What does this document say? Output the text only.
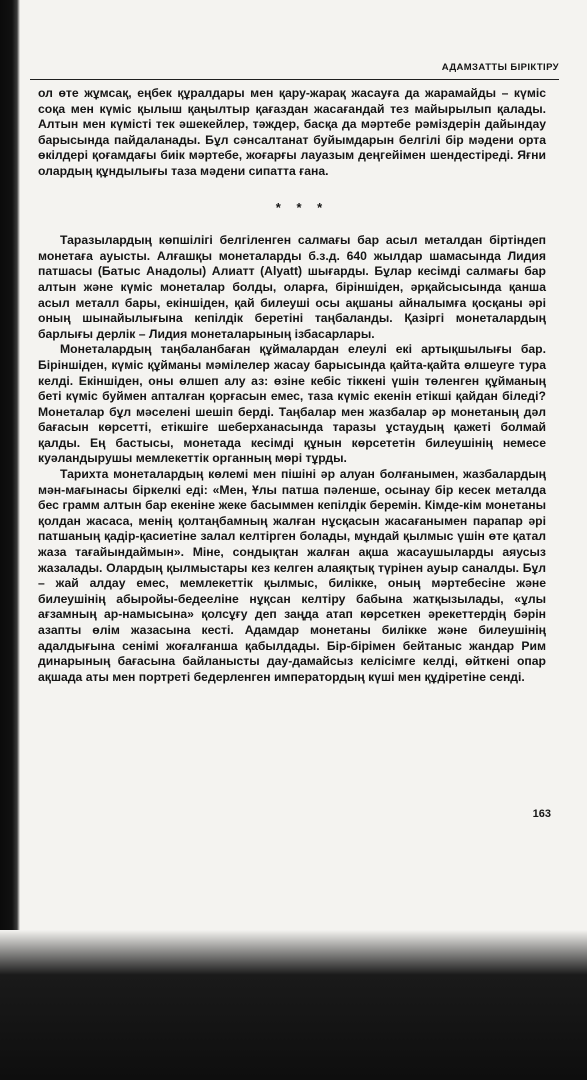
АДАМЗАТТЫ БІРІКТІРУ

ол өте жұмсақ, еңбек құралдары мен қару-жарақ жасауға да жарамайды – күміс соқа мен күміс қылыш қаңылтыр қағаздан жасағандай тез майырылып қалады. Алтын мен күмісті тек әшекейлер, тәждер, басқа да мәртебе рәміздерін дайындау барысында пайдаланады. Бұл сәнсалтанат буйымдарын белгілі бір мәдени орта өкілдері қоғамдағы биік мәртебе, жоғарғы лауазым деңгейімен шендестіреді. Яғни олардың құндылығы таза мәдени сипатта ғана.

* * *

Таразылардың көпшілігі белгіленген салмағы бар асыл металдан біртіндеп монетаға ауысты. Алғашқы монеталарды б.з.д. 640 жылдар шамасында Лидия патшасы (Батыс Анадолы) Алиатт (Alyatt) шығарды. Бұлар кесімді салмағы бар алтын және күміс монеталар болды, оларға, біріншіден, әрқайсысында қанша асыл металл бары, екіншіден, қай билеуші осы ақшаны айналымға қосқаны әрі оның шынайылығына кепілдік беретіні таңбаланды. Қазіргі монеталардың барлығы дерлік – Лидия монеталарының ізбасарлары.

Монеталардың таңбаланбаған құймалардан елеулі екі артықшылығы бар. Біріншіден, күміс құйманы мәмілелер жасау барысында қайта-қайта өлшеуге тура келді. Екіншіден, оны өлшеп алу аз: өзіне кебіс тіккені үшін төленген құйманың беті күміс буймен апталған қорғасын емес, таза күміс екенін етікші қайдан біледі? Монеталар бұл мәселені шешіп берді. Таңбалар мен жазбалар әр монетаның дәл бағасын көрсетті, етікшіге шеберханасында таразы ұстаудың қажеті болмай қалды. Ең бастысы, монетада кесімді құнын көрсететін билеушінің немесе куәландырушы мемлекеттік органның мөрі тұрды.

Тарихта монеталардың көлемі мен пішіні әр алуан болғанымен, жазбалардың мән-мағынасы біркелкі еді: «Мен, Ұлы патша пәленше, осынау бір кесек металда бес грамм алтын бар екеніне жеке басыммен кепілдік беремін. Кімде-кім монетаны қолдан жасаса, менің қолтаңбамның жалған нұсқасын жасағанымен парапар әрі патшаның қадір-қасиетіне залал келтірген болады, мұндай қылмыс үшін өте қатал жаза тағайындаймын». Міне, сондықтан жалған ақша жасаушыларды аяусыз жазалады. Олардың қылмыстары кез келген алаяқтық түрінен ауыр саналды. Бұл – жай алдау емес, мемлекеттік қылмыс, билікке, оның мәртебесіне және билеушінің абыройы-бедееліне нұқсан келтіру бабына жатқызылады, «ұлы ағзамның ар-намысына» қолсұғу деп заңда атап көрсеткен әрекеттердің бәрін азапты өлім жазасына кесті. Адамдар монетаны билікке және билеушінің адалдығына сенімі жоғалғанша қабылдады. Бір-бірімен бейтаныс жандар Рим динарының бағасына байланысты дау-дамайсыз келісімге келді, өйткені опар ақшада аты мен портреті бедерленген императордың күші мен құдіретіне сенді.

163
